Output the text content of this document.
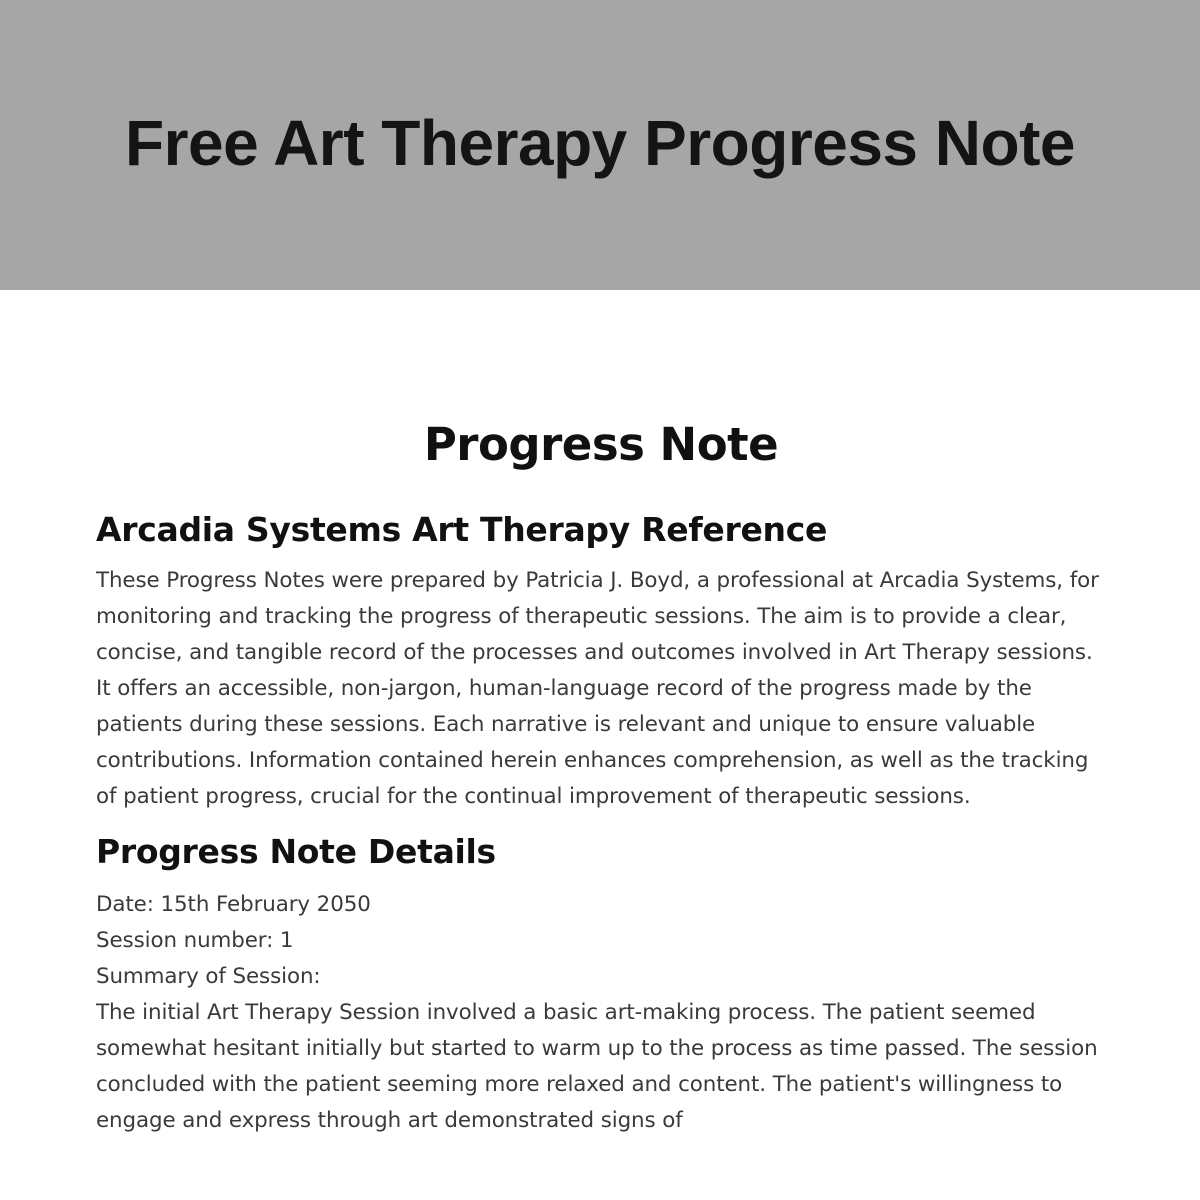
Free Art Therapy Progress Note
Progress Note
Arcadia Systems Art Therapy Reference

These Progress Notes were prepared by Patricia J. Boyd, a professional at Arcadia Systems, for monitoring and tracking the progress of therapeutic sessions. The aim is to provide a clear, concise, and tangible record of the processes and outcomes involved in Art Therapy sessions. It offers an accessible, non-jargon, human-language record of the progress made by the patients during these sessions. Each narrative is relevant and unique to ensure valuable contributions. Information contained herein enhances comprehension, as well as the tracking of patient progress, crucial for the continual improvement of therapeutic sessions.

Progress Note Details

Date: 15th February 2050

Session number: 1

Summary of Session:

The initial Art Therapy Session involved a basic art-making process. The patient seemed somewhat hesitant initially but started to warm up to the process as time passed. The session concluded with the patient seeming more relaxed and content. The patient's willingness to engage and express through art demonstrated signs of
